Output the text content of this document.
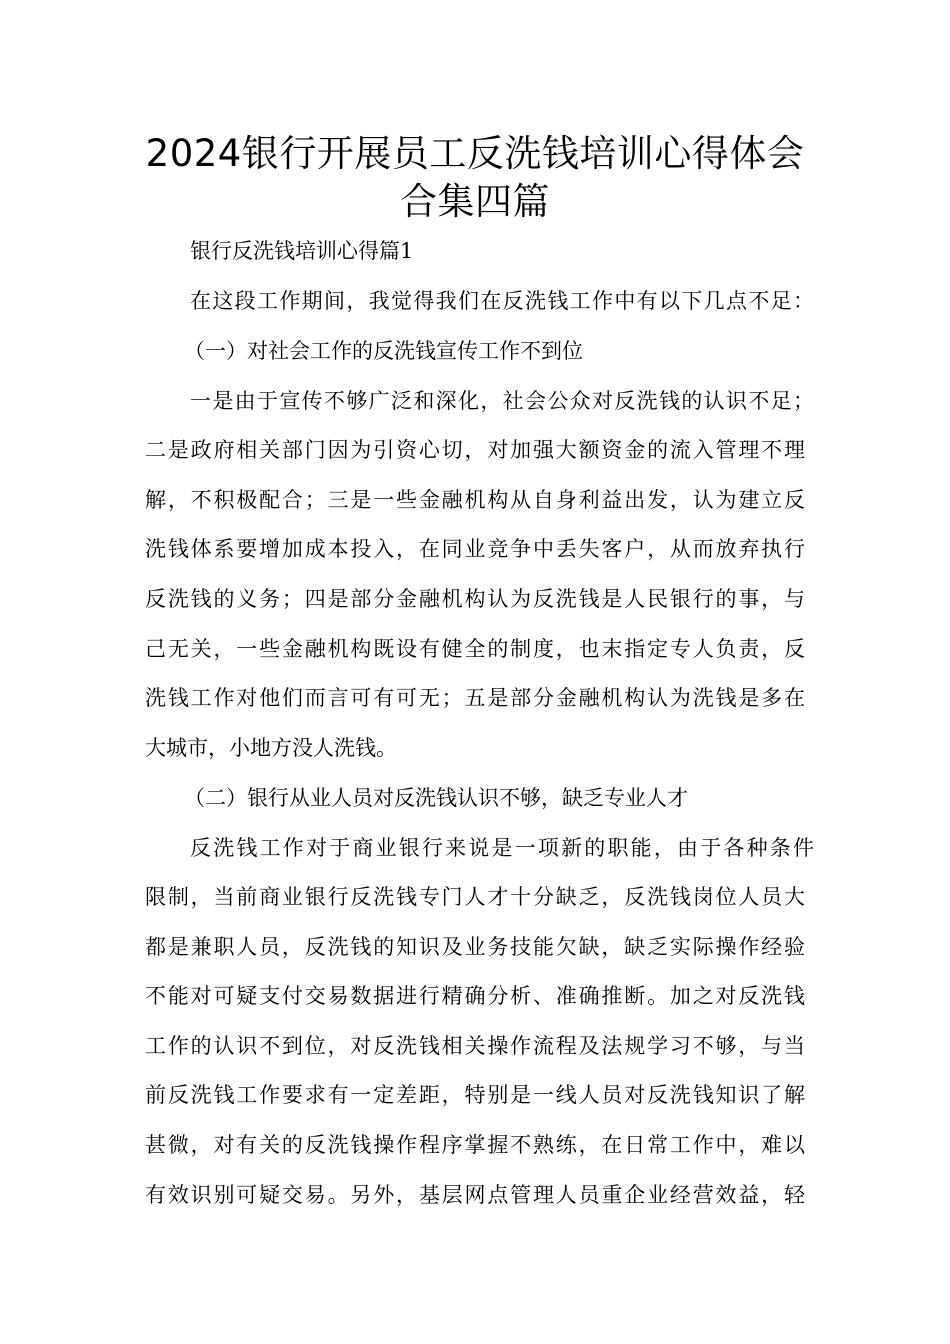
2024银行开展员工反洗钱培训心得体会
合集四篇

银行反洗钱培训心得篇1

在这段工作期间，我觉得我们在反洗钱工作中有以下几点不足：

（一）对社会工作的反洗钱宣传工作不到位

一是由于宣传不够广泛和深化，社会公众对反洗钱的认识不足；

二是政府相关部门因为引资心切，对加强大额资金的流入管理不理

解，不积极配合；三是一些金融机构从自身利益出发，认为建立反

洗钱体系要增加成本投入，在同业竞争中丢失客户，从而放弃执行

反洗钱的义务；四是部分金融机构认为反洗钱是人民银行的事，与

己无关，一些金融机构既设有健全的制度，也末指定专人负责，反

洗钱工作对他们而言可有可无；五是部分金融机构认为洗钱是多在

大城市，小地方没人洗钱。

（二）银行从业人员对反洗钱认识不够，缺乏专业人才

反洗钱工作对于商业银行来说是一项新的职能，由于各种条件

限制，当前商业银行反洗钱专门人才十分缺乏，反洗钱岗位人员大

都是兼职人员，反洗钱的知识及业务技能欠缺，缺乏实际操作经验

不能对可疑支付交易数据进行精确分析、准确推断。加之对反洗钱

工作的认识不到位，对反洗钱相关操作流程及法规学习不够，与当

前反洗钱工作要求有一定差距，特别是一线人员对反洗钱知识了解

甚微，对有关的反洗钱操作程序掌握不熟练，在日常工作中，难以

有效识别可疑交易。另外，基层网点管理人员重企业经营效益，轻
